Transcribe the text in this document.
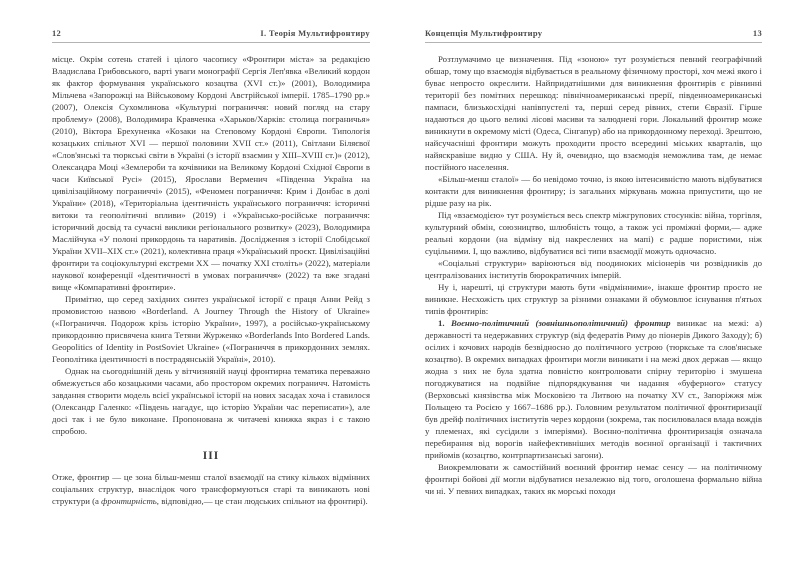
12	І. Теорія Мультифронтиру

місце. Окрім сотень статей і цілого часопису «Фронтири міста» за редакцією Владислава Грибовського, варті уваги монографії Сергія Леп'явка «Великий кордон як фактор формування українського козацтва (XVI ст.)» (2001), Володимира Мільчева «Запорожці на Військовому Кордоні Австрійської імперії. 1785–1790 рр.» (2007), Олексія Сухомлинова «Культурні пограниччя: новий погляд на стару проблему» (2008), Володимира Кравченка «Харьков/Харків: столица пограничья» (2010), Віктора Брехуненка «Козаки на Степовому Кордоні Європи. Типологія козацьких спільнот XVI — першої половини XVII ст.» (2011), Світлани Біляєвої «Слов'янські та тюркські світи в Україні (з історії взаємин у XIII–XVIII ст.)» (2012), Олександра Моці «Землероби та кочівники на Великому Кордоні Східної Європи в часи Київської Русі» (2015), Ярослави Верменич «Південна Україна на цивілізаційному пограниччі» (2015), «Феномен пограниччя: Крим і Донбас в долі України» (2018), «Територіальна ідентичність українського пограниччя: історичні витоки та геополітичні впливи» (2019) і «Українсько-російське пограниччя: історичний досвід та сучасні виклики регіонального розвитку» (2023), Володимира Маслійчука «У полоні прикордонь та наративів. Дослідження з історії Слобідської України XVII–XIX ст.» (2021), колективна праця «Український проєкт. Цивілізаційні фронтири та соціокультурні екстреми XX — початку XXI століть» (2022), матеріали наукової конференції «Ідентичності в умовах пограниччя» (2022) та вже згадані вище «Компаративні фронтири».

Примітно, що серед західних синтез української історії є праця Анни Рейд з промовистою назвою «Borderland. A Journey Through the History of Ukraine» («Пограниччя. Подорож крізь історію України», 1997), а російсько-українському прикордонню присвячена книга Тетяни Журженко «Borderlands Into Bordered Lands. Geopolitics of Identity in PostSoviet Ukraine» («Пограниччя в прикордонних землях. Геополітика ідентичності в пострадянській Україні», 2010).

Однак на сьогоднішній день у вітчизняній науці фронтирна тематика переважно обмежується або козацькими часами, або простором окремих пограничч. Натомість завдання створити модель всієї української історії на нових засадах хоча і ставилося (Олександр Галенко: «Південь нагадує, що історію України час переписати»), але досі так і не було виконане. Пропонована ж читачеві книжка якраз і є такою спробою.

III

Отже, фронтир — це зона більш-менш сталої взаємодії на стику кількох відмінних соціальних структур, внаслідок чого трансформуються старі та виникають нові структури (а фронтирність, відповідно,— це стан людських спільнот на фронтирі).

Концепція Мультифронтиру	13

Розтлумачимо це визначення. Під «зоною» тут розуміється певний географічний обшар, тому що взаємодія відбувається в реальному фізичному просторі, хоч межі якого і буває непросто окреслити. Найпридатнішими для виникнення фронтирів є рівнинні території без помітних перешкод: північноамериканські прерії, південноамериканські пампаси, близькосхідні напівпустелі та, перші серед рівних, степи Євразії. Гірше надаються до цього великі лісові масиви та залюднені гори. Локальний фронтир може виникнути в окремому місті (Одеса, Сінгапур) або на прикордонному переході. Зрештою, найсучасніші фронтири можуть проходити просто всередині міських кварталів, що найяскравіше видно у США. Ну й, очевидно, що взаємодія неможлива там, де немає постійного населення.

«Більш-менш сталої» — бо невідомо точно, із якою інтенсивністю мають відбуватися контакти для виникнення фронтиру; із загальних міркувань можна припустити, що не рідше разу на рік.

Під «взаємодією» тут розуміється весь спектр міжгрупових стосунків: війна, торгівля, культурний обмін, союзництво, шлюбність тощо, а також усі проміжні форми,— адже реальні кордони (на відміну від накреслених на мапі) є радше пористими, ніж суцільними. І, що важливо, відбуватися всі типи взаємодії можуть одночасно.

«Соціальні структури» варіюються від поодиноких місіонерів чи розвідників до централізованих інститутів бюрократичних імперій.

Ну і, нарешті, ці структури мають бути «відмінними», інакше фронтир просто не виникне. Несхожість цих структур за різними ознаками й обумовлює існування п'ятьох типів фронтирів:

1. Воєнно-політичний (зовнішньополітичний) фронтир виникає на межі: а) державності та недержавних структур (від федератів Риму до піонерів Дикого Заходу); б) осілих і кочових народів безвідносно до політичного устрою (тюркське та слов'янське козацтво). В окремих випадках фронтири могли виникати і на межі двох держав — якщо жодна з них не була здатна повністю контролювати спірну територію і змушена погоджуватися на подвійне підпорядкування чи надання «буферного» статусу (Верховські князівства між Московією та Литвою на початку XV ст., Запоріжжя між Польщею та Росією у 1667–1686 рр.). Головним результатом політичної фронтиризації був дрейф політичних інститутів через кордони (зокрема, так посилювалася влада вождів у племенах, які сусідили з імперіями). Воєнно-політична фронтиризація означала перебирання від ворогів найефективніших методів воєнної організації і тактичних прийомів (козацтво, контрпартизанські загони).

Виокремлювати ж самостійний воєнний фронтир немає сенсу — на політичному фронтирі бойові дії могли відбуватися незалежно від того, оголошена формально війна чи ні. У певних випадках, таких як морські походи
